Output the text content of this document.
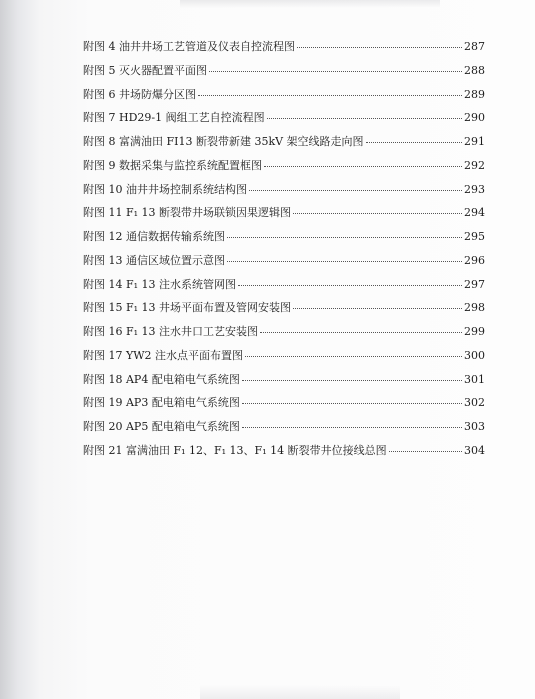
附图 4 油井井场工艺管道及仪表自控流程图	287
附图 5 灭火器配置平面图	288
附图 6 井场防爆分区图	289
附图 7 HD29-1 阀组工艺自控流程图	290
附图 8 富满油田 FI13 断裂带新建 35kV 架空线路走向图	291
附图 9 数据采集与监控系统配置框图	292
附图 10 油井井场控制系统结构图	293
附图 11 F₁ 13 断裂带井场联锁因果逻辑图	294
附图 12 通信数据传输系统图	295
附图 13 通信区域位置示意图	296
附图 14 F₁ 13 注水系统管网图	297
附图 15 F₁ 13 井场平面布置及管网安装图	298
附图 16 F₁ 13 注水井口工艺安装图	299
附图 17 YW2 注水点平面布置图	300
附图 18 AP4 配电箱电气系统图	301
附图 19 AP3 配电箱电气系统图	302
附图 20 AP5 配电箱电气系统图	303
附图 21 富满油田 F₁ 12、F₁ 13、F₁ 14 断裂带井位接线总图	304
